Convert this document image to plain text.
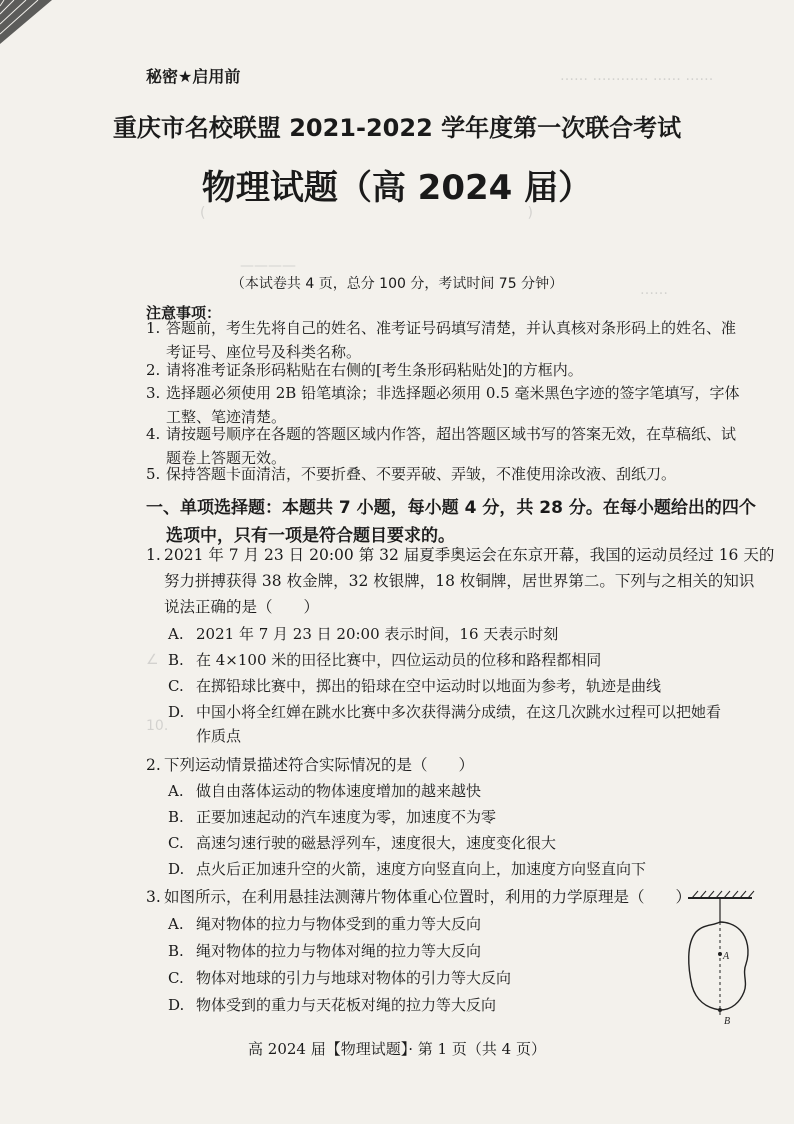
…… ………… …… ……
(　　　　　　　　　　　　　　　　　　　　　　　)
————
……
∠
10.
秘密★启用前
重庆市名校联盟 2021-2022 学年度第一次联合考试
物理试题（高 2024 届）
（本试卷共 4 页，总分 100 分，考试时间 75 分钟）
注意事项：
1. 答题前，考生先将自己的姓名、准考证号码填写清楚，并认真核对条形码上的姓名、准
考证号、座位号及科类名称。
2. 请将准考证条形码粘贴在右侧的[考生条形码粘贴处]的方框内。
3. 选择题必须使用 2B 铅笔填涂；非选择题必须用 0.5 毫米黑色字迹的签字笔填写，字体
工整、笔迹清楚。
4. 请按题号顺序在各题的答题区域内作答，超出答题区域书写的答案无效，在草稿纸、试
题卷上答题无效。
5. 保持答题卡面清洁，不要折叠、不要弄破、弄皱，不准使用涂改液、刮纸刀。
一、单项选择题：本题共 7 小题，每小题 4 分，共 28 分。在每小题给出的四个
选项中，只有一项是符合题目要求的。
1. 2021 年 7 月 23 日 20:00 第 32 届夏季奥运会在东京开幕，我国的运动员经过 16 天的
努力拼搏获得 38 枚金牌，32 枚银牌，18 枚铜牌，居世界第二。下列与之相关的知识
说法正确的是（　　）
A. 2021 年 7 月 23 日 20:00 表示时间，16 天表示时刻
B. 在 4×100 米的田径比赛中，四位运动员的位移和路程都相同
C. 在掷铅球比赛中，掷出的铅球在空中运动时以地面为参考，轨迹是曲线
D. 中国小将全红婵在跳水比赛中多次获得满分成绩，在这几次跳水过程可以把她看
作质点
2. 下列运动情景描述符合实际情况的是（　　）
A. 做自由落体运动的物体速度增加的越来越快
B. 正要加速起动的汽车速度为零，加速度不为零
C. 高速匀速行驶的磁悬浮列车，速度很大，速度变化很大
D. 点火后正加速升空的火箭，速度方向竖直向上，加速度方向竖直向下
3. 如图所示，在利用悬挂法测薄片物体重心位置时，利用的力学原理是（　　）
A. 绳对物体的拉力与物体受到的重力等大反向
B. 绳对物体的拉力与物体对绳的拉力等大反向
C. 物体对地球的引力与地球对物体的引力等大反向
D. 物体受到的重力与天花板对绳的拉力等大反向
A
B
高 2024 届【物理试题】· 第 1 页（共 4 页）
